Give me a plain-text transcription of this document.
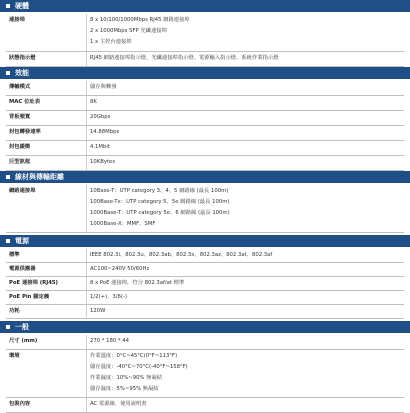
硬體
連接埠	8 x 10/100/1000Mbps RJ45 網路連接埠
2 x 1000Mbps SFP 光纖連接埠
1 x 主控台連接埠
狀態指示燈	RJ45 網路連接埠指示燈、光纖連接埠指示燈、電源輸入指示燈、系統作業指示燈
效能
傳輸模式	儲存與轉發
MAC 位址表	8K
背板頻寬	20Gbps
封包轉發速率	14.88Mbps
封包緩衝	4.1Mbit
巨型訊框	10KBytes
線材與傳輸距離
網路連接埠	10Base-T：UTP category 3、4、5 網路線 (最長 100m)
100Base-Tx：UTP category 5、5e 網路線 (最長 100m)
1000Base-T：UTP category 5e、6 網路線 (最長 100m)
1000Base-X：MMF、SMF
電源
標準	IEEE 802.3i、802.3u、802.3ab、802.3x、802.3az、802.3at、802.3af
電源供應器	AC100~240V 50/60Hz
PoE 連接埠 (RJ45)	8 x PoE 連接埠，符合 802.3af/at 標準
PoE Pin 腳定義	1/2(+)、3/6(-)
功耗	120W
一般
尺寸 (mm)	270 * 180 * 44
環境	作業溫度：0°C~45°C(0°F~113°F)
儲存溫度：-40°C~70°C(-40°F~158°F)
作業濕度：10%~90% 無凝結
儲存濕度：5%~95% 無凝結
包裝內容	AC 電源線、使用說明書
